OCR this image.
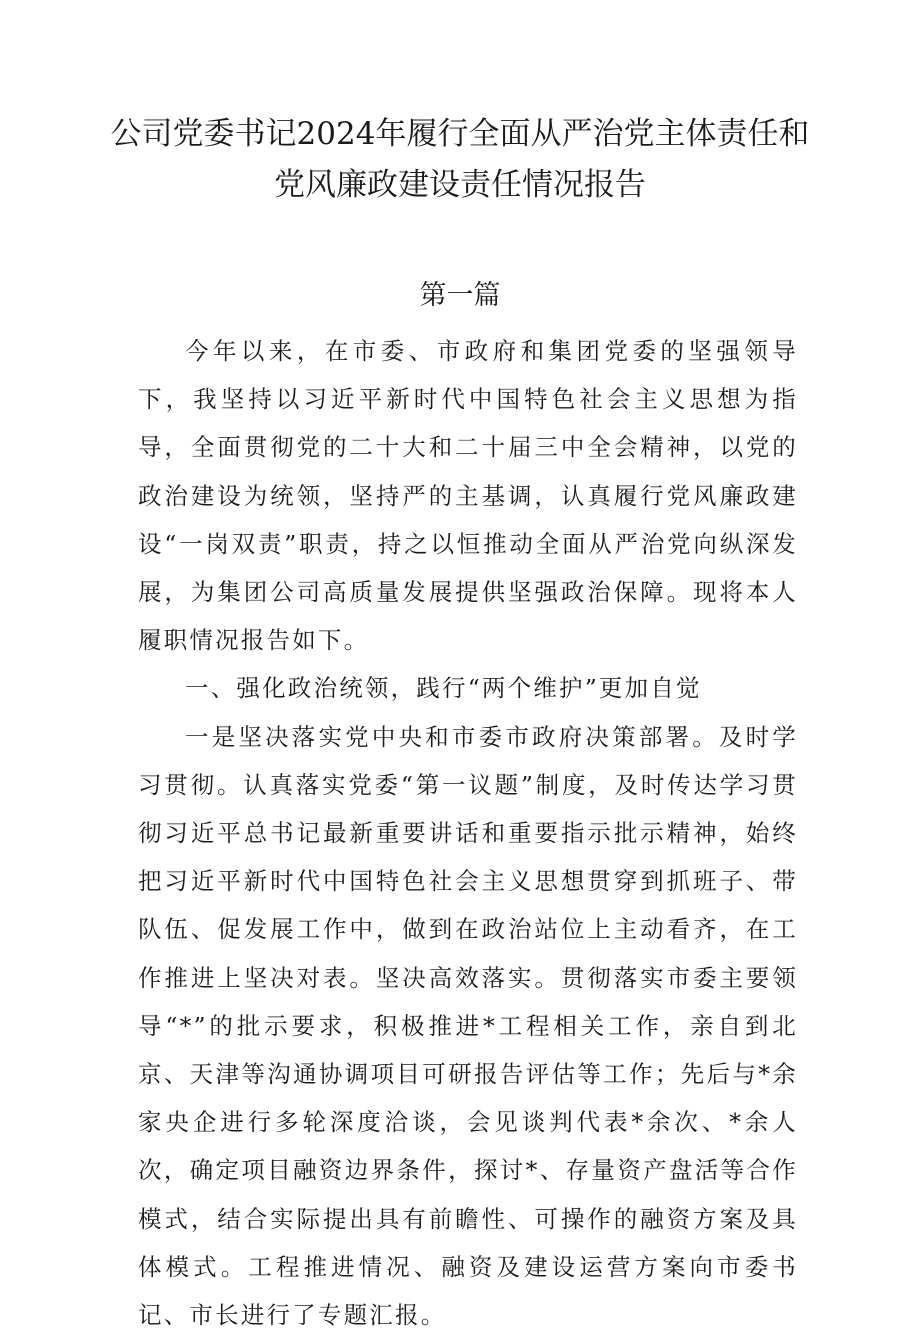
公司党委书记2024年履行全面从严治党主体责任和
党风廉政建设责任情况报告
第一篇

今年以来，在市委、市政府和集团党委的坚强领导下，我坚持以习近平新时代中国特色社会主义思想为指导，全面贯彻党的二十大和二十届三中全会精神，以党的政治建设为统领，坚持严的主基调，认真履行党风廉政建设“一岗双责”职责，持之以恒推动全面从严治党向纵深发展，为集团公司高质量发展提供坚强政治保障。现将本人履职情况报告如下。

一、强化政治统领，践行“两个维护”更加自觉

一是坚决落实党中央和市委市政府决策部署。及时学习贯彻。认真落实党委“第一议题”制度，及时传达学习贯彻习近平总书记最新重要讲话和重要指示批示精神，始终把习近平新时代中国特色社会主义思想贯穿到抓班子、带队伍、促发展工作中，做到在政治站位上主动看齐，在工作推进上坚决对表。坚决高效落实。贯彻落实市委主要领导“*”的批示要求，积极推进*工程相关工作，亲自到北京、天津等沟通协调项目可研报告评估等工作；先后与*余家央企进行多轮深度洽谈，会见谈判代表*余次、*余人次，确定项目融资边界条件，探讨*、存量资产盘活等合作模式，结合实际提出具有前瞻性、可操作的融资方案及具体模式。工程推进情况、融资及建设运营方案向市委书记、市长进行了专题汇报。
